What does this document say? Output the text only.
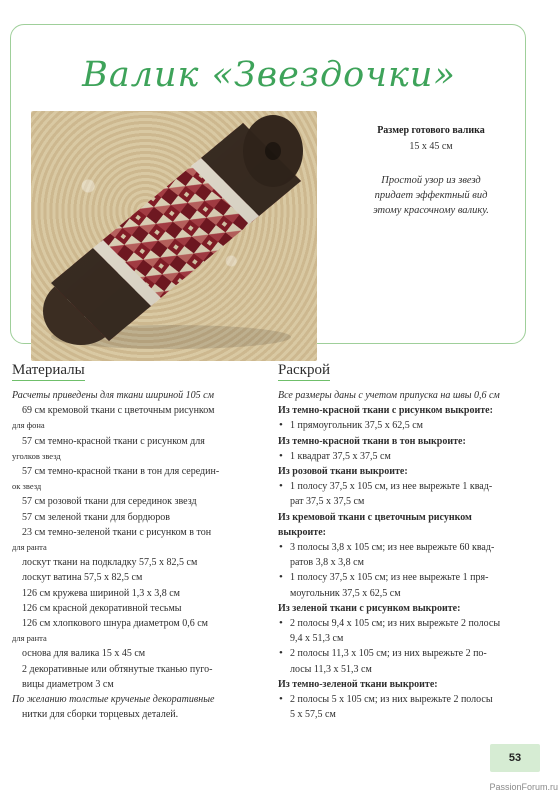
Валик «Звездочки»
Размер готового валика
15 x 45 см
Простой узор из звезд
придает эффектный вид
этому красочному валику.
Материалы	Раскрой
Расчеты приведены для ткани шириной 105 см
69 см кремовой ткани с цветочным рисунком
для фона
57 см темно-красной ткани с рисунком для
уголков звезд
57 см темно-красной ткани в тон для середин-
ок звезд
57 см розовой ткани для серединок звезд
57 см зеленой ткани для бордюров
23 см темно-зеленой ткани с рисунком в тон
для ранта
лоскут ткани на подкладку 57,5 x 82,5 см
лоскут ватина 57,5 x 82,5 см
126 см кружева шириной 1,3 x 3,8 см
126 см красной декоративной тесьмы
126 см хлопкового шнура диаметром 0,6 см
для ранта
основа для валика 15 x 45 см
2 декоративные или обтянутые тканью пуго-
вицы диаметром 3 см
По желанию толстые крученые декоративные
нитки для сборки торцевых деталей.
Все размеры даны с учетом припуска на швы 0,6 см
Из темно-красной ткани с рисунком выкроите:
• 1 прямоугольник 37,5 x 62,5 см
Из темно-красной ткани в тон выкроите:
• 1 квадрат 37,5 x 37,5 см
Из розовой ткани выкроите:
• 1 полосу 37,5 x 105 см, из нее вырежьте 1 квад-
рат 37,5 x 37,5 см
Из кремовой ткани с цветочным рисунком
выкроите:
• 3 полосы 3,8 x 105 см; из нее вырежьте 60 квад-
ратов 3,8 x 3,8 см
• 1 полосу 37,5 x 105 см; из нее вырежьте 1 пря-
моугольник 37,5 x 62,5 см
Из зеленой ткани с рисунком выкроите:
• 2 полосы 9,4 x 105 см; из них вырежьте 2 полосы
9,4 x 51,3 см
• 2 полосы 11,3 x 105 см; из них вырежьте 2 по-
лосы 11,3 x 51,3 см
Из темно-зеленой ткани выкроите:
• 2 полосы 5 x 105 см; из них вырежьте 2 полосы
5 x 57,5 см
53
PassionForum.ru
